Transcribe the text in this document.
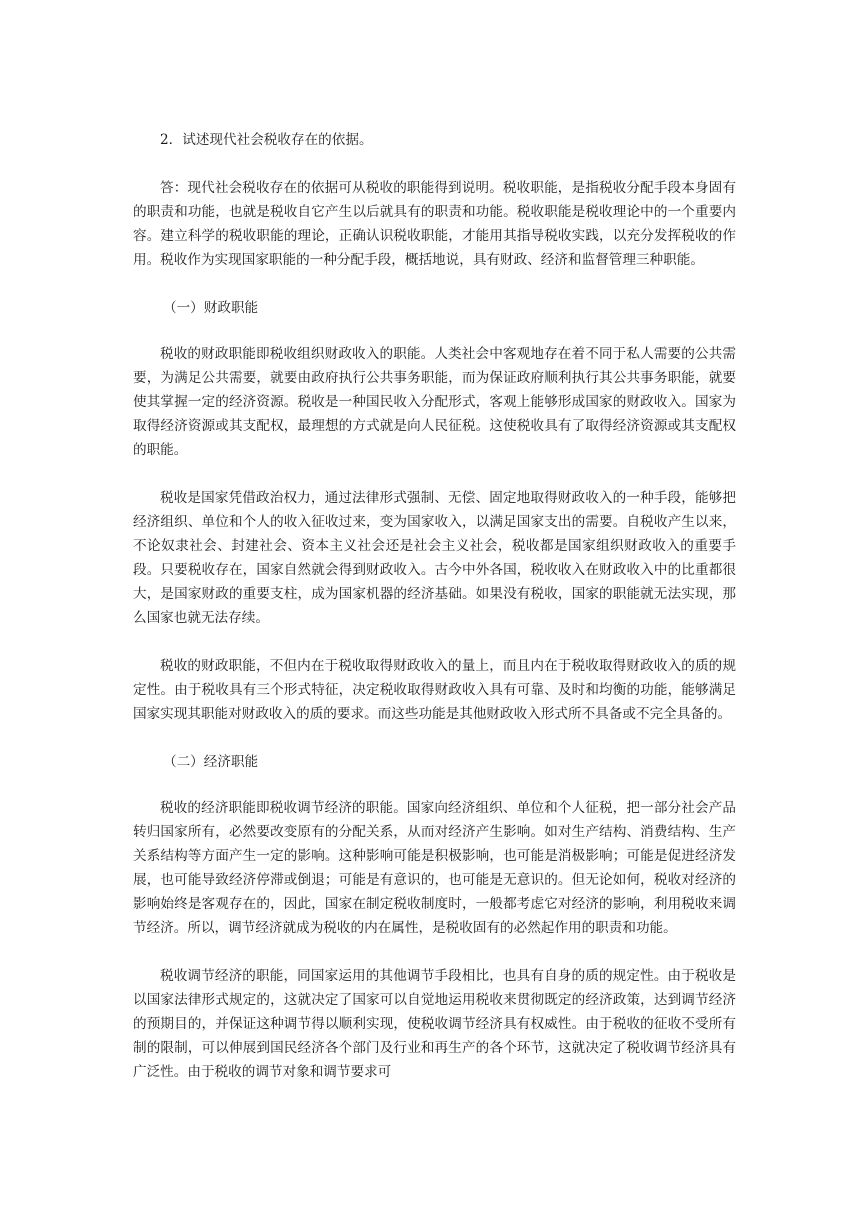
2．试述现代社会税收存在的依据。

答：现代社会税收存在的依据可从税收的职能得到说明。税收职能，是指税收分配手段本身固有的职责和功能，也就是税收自它产生以后就具有的职责和功能。税收职能是税收理论中的一个重要内容。建立科学的税收职能的理论，正确认识税收职能，才能用其指导税收实践，以充分发挥税收的作用。税收作为实现国家职能的一种分配手段，概括地说，具有财政、经济和监督管理三种职能。

（一）财政职能

税收的财政职能即税收组织财政收入的职能。人类社会中客观地存在着不同于私人需要的公共需要，为满足公共需要，就要由政府执行公共事务职能，而为保证政府顺利执行其公共事务职能，就要使其掌握一定的经济资源。税收是一种国民收入分配形式，客观上能够形成国家的财政收入。国家为取得经济资源或其支配权，最理想的方式就是向人民征税。这使税收具有了取得经济资源或其支配权的职能。

税收是国家凭借政治权力，通过法律形式强制、无偿、固定地取得财政收入的一种手段，能够把经济组织、单位和个人的收入征收过来，变为国家收入，以满足国家支出的需要。自税收产生以来，不论奴隶社会、封建社会、资本主义社会还是社会主义社会，税收都是国家组织财政收入的重要手段。只要税收存在，国家自然就会得到财政收入。古今中外各国，税收收入在财政收入中的比重都很大，是国家财政的重要支柱，成为国家机器的经济基础。如果没有税收，国家的职能就无法实现，那么国家也就无法存续。

税收的财政职能，不但内在于税收取得财政收入的量上，而且内在于税收取得财政收入的质的规定性。由于税收具有三个形式特征，决定税收取得财政收入具有可靠、及时和均衡的功能，能够满足国家实现其职能对财政收入的质的要求。而这些功能是其他财政收入形式所不具备或不完全具备的。

（二）经济职能

税收的经济职能即税收调节经济的职能。国家向经济组织、单位和个人征税，把一部分社会产品转归国家所有，必然要改变原有的分配关系，从而对经济产生影响。如对生产结构、消费结构、生产关系结构等方面产生一定的影响。这种影响可能是积极影响，也可能是消极影响；可能是促进经济发展，也可能导致经济停滞或倒退；可能是有意识的，也可能是无意识的。但无论如何，税收对经济的影响始终是客观存在的，因此，国家在制定税收制度时，一般都考虑它对经济的影响，利用税收来调节经济。所以，调节经济就成为税收的内在属性，是税收固有的必然起作用的职责和功能。

税收调节经济的职能，同国家运用的其他调节手段相比，也具有自身的质的规定性。由于税收是以国家法律形式规定的，这就决定了国家可以自觉地运用税收来贯彻既定的经济政策，达到调节经济的预期目的，并保证这种调节得以顺利实现，使税收调节经济具有权威性。由于税收的征收不受所有制的限制，可以伸展到国民经济各个部门及行业和再生产的各个环节，这就决定了税收调节经济具有广泛性。由于税收的调节对象和调节要求可
